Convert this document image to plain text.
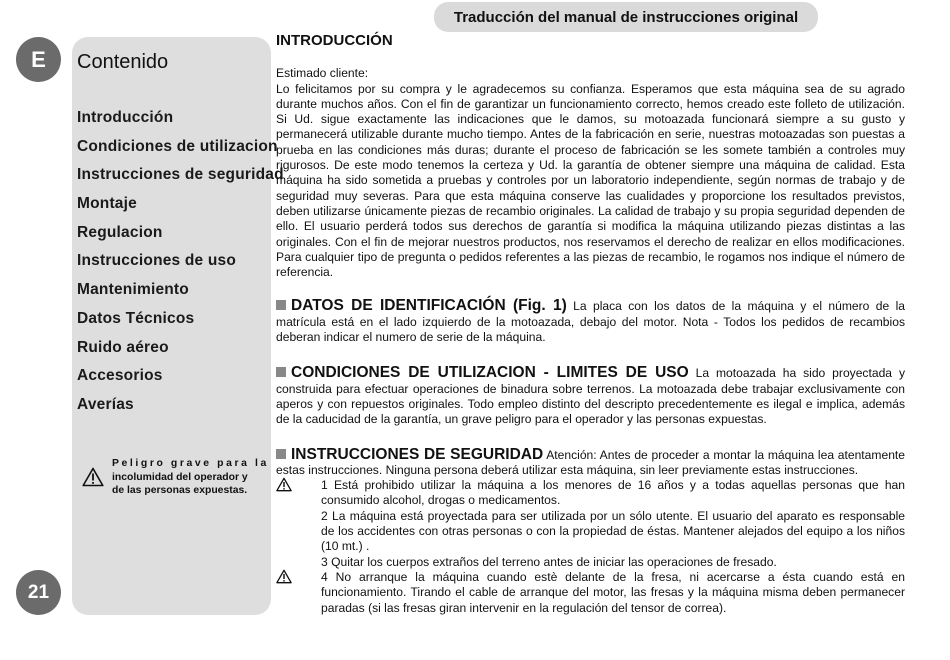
Traducción del manual de instrucciones original
E
21
Contenido
Introducción
Condiciones de utilizacion
Instrucciones de seguridad
Montaje
Regulacion
Instrucciones de uso
Mantenimiento
Datos Técnicos
Ruido aéreo
Accesorios
Averías
Peligro grave para la
incolumidad del operador y
de las personas expuestas.
INTRODUCCIÓN

Estimado cliente:

Lo felicitamos por su compra y le agradecemos su confianza. Esperamos que esta máquina sea de su agrado durante muchos años. Con el fin de garantizar un funcionamiento correcto, hemos creado este folleto de utilización. Si Ud. sigue exactamente las indicaciones que le damos, su motoazada funcionará siempre a su gusto y permanecerá utilizable durante mucho tiempo. Antes de la fabricación en serie, nuestras motoazadas son puestas a prueba en las condiciones más duras; durante el proceso de fabricación se les somete también a controles muy rigurosos. De este modo tenemos la certeza y Ud. la garantía de obtener siempre una máquina de calidad. Esta máquina ha sido sometida a pruebas y controles por un laboratorio independiente, según normas de trabajo y de seguridad muy severas. Para que esta máquina conserve las cualidades y proporcione los resultados previstos, deben utilizarse únicamente piezas de recambio originales. La calidad de trabajo y su propia seguridad dependen de ello. El usuario perderá todos sus derechos de garantía si modifica la máquina utilizando piezas distintas a las originales. Con el fin de mejorar nuestros productos, nos reservamos el derecho de realizar en ellos modificaciones. Para cualquier tipo de pregunta o pedidos referentes a las piezas de recambio, le rogamos nos indique el número de referencia.

DATOS DE IDENTIFICACIÓN (Fig. 1) La placa con los datos de la máquina y el número de la matrícula está en el lado izquierdo de la motoazada, debajo del motor. Nota - Todos los pedidos de recambios deberan indicar el numero de serie de la máquina.

CONDICIONES DE UTILIZACION - LIMITES DE USO La motoazada ha sido proyectada y construida para efectuar operaciones de binadura sobre terrenos. La motoazada debe trabajar exclusivamente con aperos y con repuestos originales. Todo empleo distinto del descripto precedentemente es ilegal e implica, además de la caducidad de la garantía, un grave peligro para el operador y las personas expuestas.

INSTRUCCIONES DE SEGURIDAD Atención: Antes de proceder a montar la máquina lea atentamente estas instrucciones. Ninguna persona deberá utilizar esta máquina, sin leer previamente estas instrucciones.

1 Está prohibido utilizar la máquina a los menores de 16 años y a todas aquellas personas que han consumido alcohol, drogas o medicamentos.

2 La máquina está proyectada para ser utilizada por un sólo utente. El usuario del aparato es responsable de los accidentes con otras personas o con la propiedad de éstas. Mantener alejados del equipo a los niños (10 mt.) .

3 Quitar los cuerpos extraños del terreno antes de iniciar las operaciones de fresado.

4 No arranque la máquina cuando estè delante de la fresa, ni acercarse a ésta cuando está en funcionamiento. Tirando el cable de arranque del motor, las fresas y la máquina misma deben permanecer paradas (si las fresas giran intervenir en la regulación del tensor de correa).
